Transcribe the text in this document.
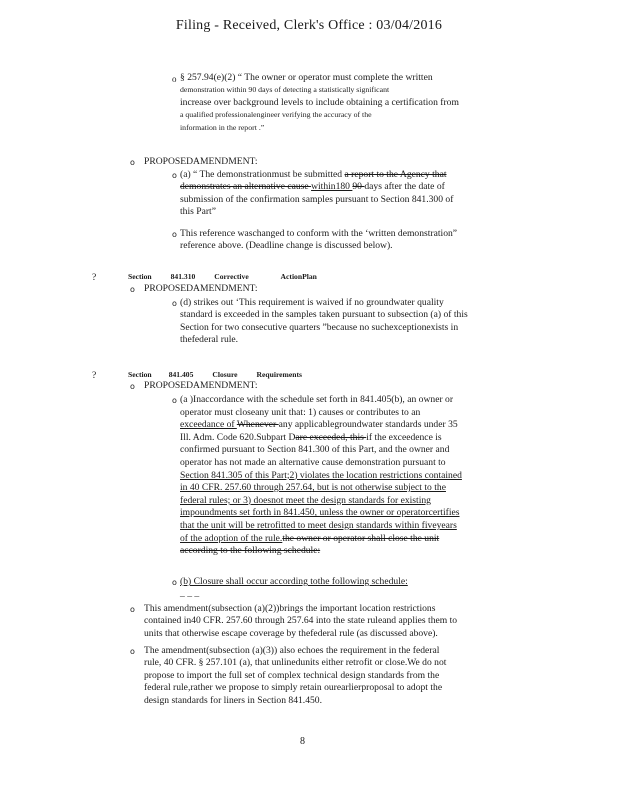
Filing - Received, Clerk's Office : 03/04/2016
o § 257.94(e)(2) “ The owner or operator must complete the written
demonstration within 90 days of detecting a statistically significant
increase over background levels to include obtaining a certification from
a qualified professionalengineer verifying the accuracy of the
information in the report .”
o PROPOSEDAMENDMENT:
o (a) “ The demonstrationmust be submitted a report to the Agency that
demonstrates an alternative cause within180 90 days after the date of
submission of the confirmation samples pursuant to Section 841.300 of
this Part”
o This reference waschanged to conform with the ‘written demonstration”
reference above. (Deadline change is discussed below).
?	Section          841.310          Corrective                 ActionPlan
o PROPOSEDAMENDMENT:
o (d) strikes out ‘This requirement is waived if no groundwater quality
standard is exceeded in the samples taken pursuant to subsection (a) of this
Section for two consecutive quarters ”because no suchexceptionexists in
thefederal rule.
?	Section         841.405          Closure          Requirements
o PROPOSEDAMENDMENT:
o (a )Inaccordance with the schedule set forth in 841.405(b), an owner or
operator must closeany unit that: 1) causes or contributes to an
exceedance of Whenever any applicablegroundwater standards under 35
Ill. Adm. Code 620.Subpart Dare exceeded, this if the exceedence is
confirmed pursuant to Section 841.300 of this Part, and the owner and
operator has not made an alternative cause demonstration pursuant to
Section 841.305 of this Part;2) violates the location restrictions contained
in 40 CFR. 257.60 through 257.64, but is not otherwise subject to the
federal rules; or 3) doesnot meet the design standards for existing
impoundments set forth in 841.450, unless the owner or operatorcertifies
that the unit will be retrofitted to meet design standards within fiveyears
of the adoption of the rule.the owner or operator shall close the unit
according to the following schedule:
o (b) Closure shall occur according tothe following schedule:
_ _ _
o This amendment(subsection (a)(2))brings the important location restrictions
contained in40 CFR. 257.60 through 257.64 into the state ruleand applies them to
units that otherwise escape coverage by thefederal rule (as discussed above).
o The amendment(subsection (a)(3)) also echoes the requirement in the federal
rule, 40 CFR. § 257.101 (a), that unlinedunits either retrofit or close.We do not
propose to import the full set of complex technical design standards from the
federal rule,rather we propose to simply retain ourearlierproposal to adopt the
design standards for liners in Section 841.450.
8
